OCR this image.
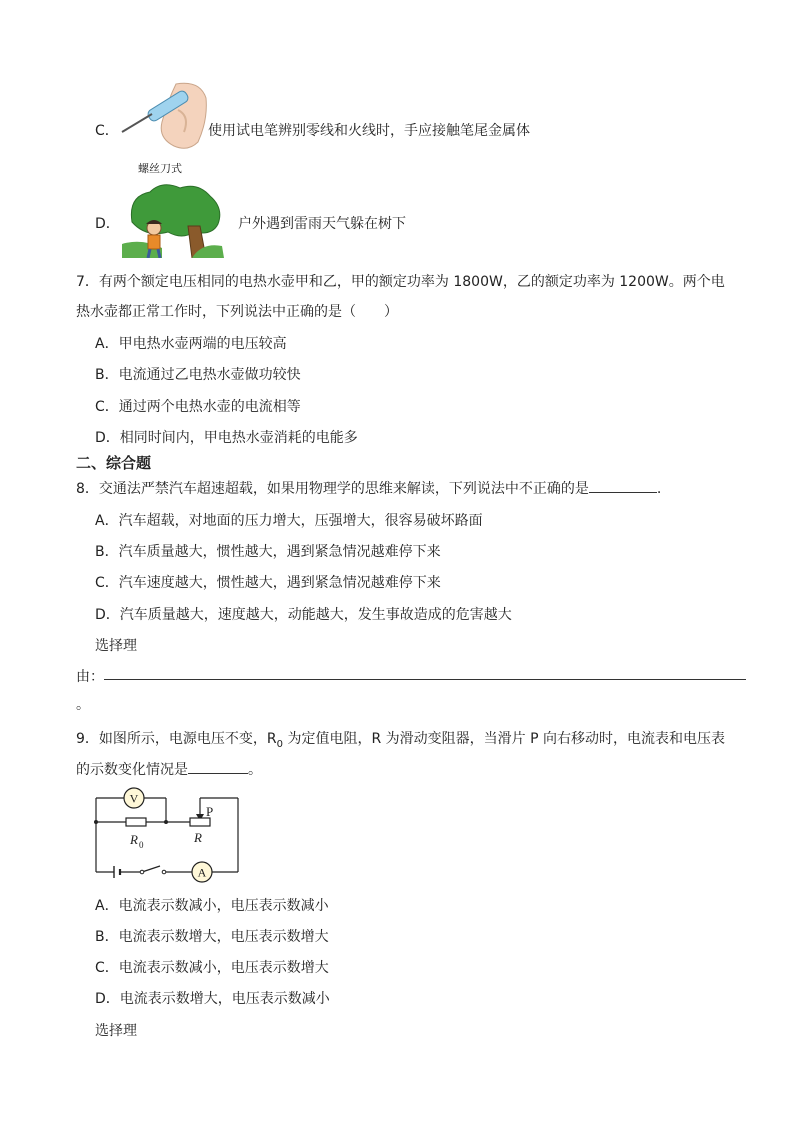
C．
螺丝刀式
使用试电笔辨别零线和火线时，手应接触笔尾金属体
D．	户外遇到雷雨天气躲在树下
7．有两个额定电压相同的电热水壶甲和乙，甲的额定功率为 1800W，乙的额定功率为 1200W。两个电
热水壶都正常工作时，下列说法中正确的是（　　）
A．甲电热水壶两端的电压较高
B．电流通过乙电热水壶做功较快
C．通过两个电热水壶的电流相等
D．相同时间内，甲电热水壶消耗的电能多
二、综合题
8．交通法严禁汽车超速超载，如果用物理学的思维来解读，下列说法中不正确的是	.
A．汽车超载，对地面的压力增大，压强增大，很容易破坏路面
B．汽车质量越大，惯性越大，遇到紧急情况越难停下来
C．汽车速度越大，惯性越大，遇到紧急情况越难停下来
D．汽车质量越大，速度越大，动能越大，发生事故造成的危害越大
选择理
由：
。
9．如图所示，电源电压不变，$R_0$ 为定值电阻，R 为滑动变阻器，当滑片 P 向右移动时，电流表和电压表
的示数变化情况是	。
V
A
P
R 0	R
A．电流表示数减小，电压表示数减小
B．电流表示数增大，电压表示数增大
C．电流表示数减小，电压表示数增大
D．电流表示数增大，电压表示数减小
选择理
